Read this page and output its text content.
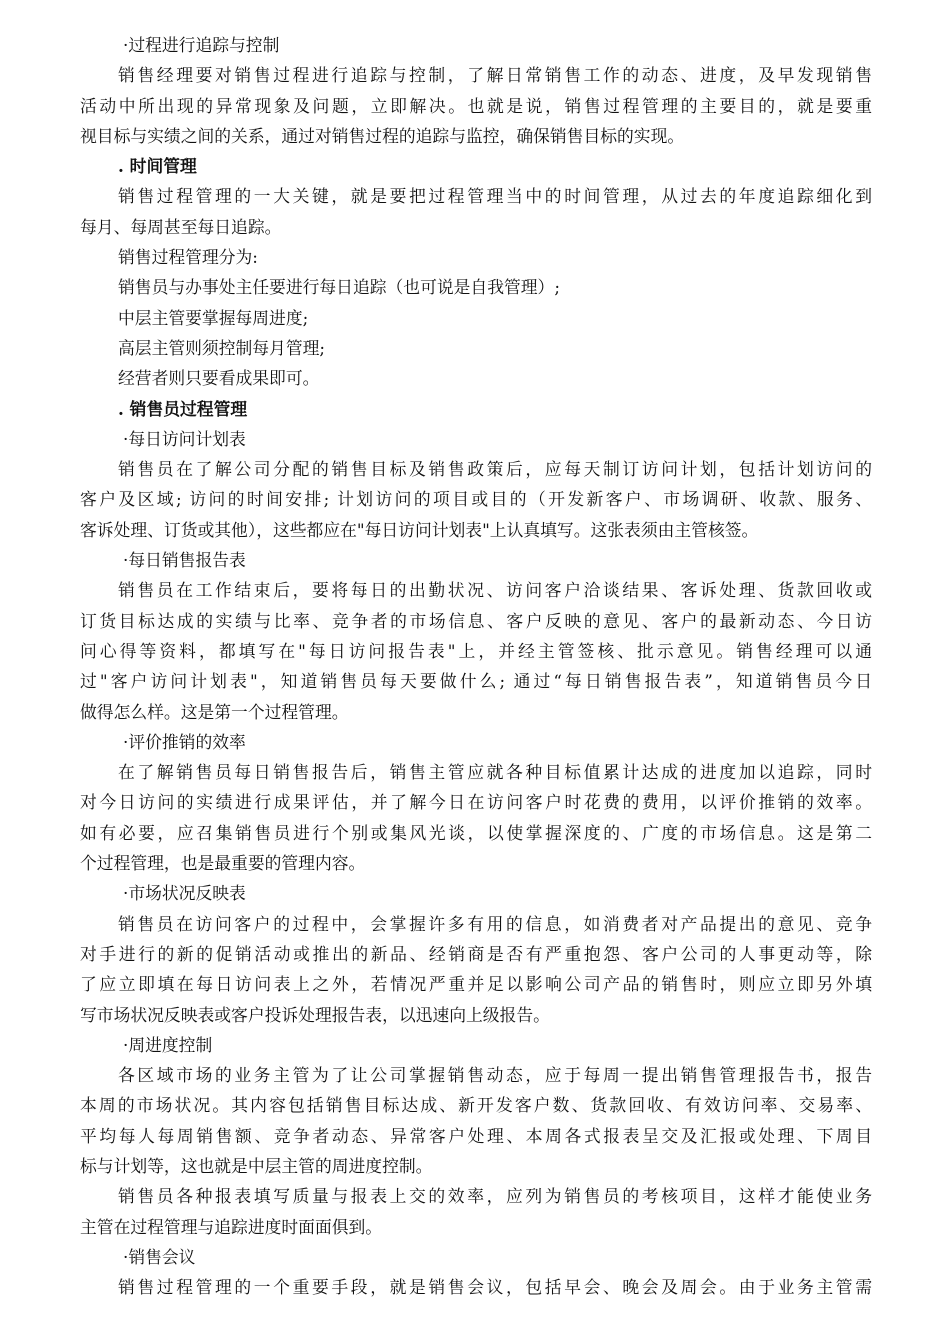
·过程进行追踪与控制
销售经理要对销售过程进行追踪与控制，了解日常销售工作的动态、进度，及早发现销售
活动中所出现的异常现象及问题，立即解决。也就是说，销售过程管理的主要目的，就是要重
视目标与实绩之间的关系，通过对销售过程的追踪与监控，确保销售目标的实现。
. 时间管理
销售过程管理的一大关键，就是要把过程管理当中的时间管理，从过去的年度追踪细化到
每月、每周甚至每日追踪。
销售过程管理分为:
销售员与办事处主任要进行每日追踪（也可说是自我管理）;
中层主管要掌握每周进度;
高层主管则须控制每月管理;
经营者则只要看成果即可。
. 销售员过程管理
·每日访问计划表
销售员在了解公司分配的销售目标及销售政策后，应每天制订访问计划，包括计划访问的
客户及区域; 访问的时间安排; 计划访问的项目或目的（开发新客户、市场调研、收款、服务、
客诉处理、订货或其他），这些都应在"每日访问计划表"上认真填写。这张表须由主管核签。
·每日销售报告表
销售员在工作结束后，要将每日的出勤状况、访问客户洽谈结果、客诉处理、货款回收或
订货目标达成的实绩与比率、竞争者的市场信息、客户反映的意见、客户的最新动态、今日访
问心得等资料，都填写在"每日访问报告表"上，并经主管签核、批示意见。销售经理可以通
过"客户访问计划表"，知道销售员每天要做什么; 通过“每日销售报告表”，知道销售员今日
做得怎么样。这是第一个过程管理。
·评价推销的效率
在了解销售员每日销售报告后，销售主管应就各种目标值累计达成的进度加以追踪，同时
对今日访问的实绩进行成果评估，并了解今日在访问客户时花费的费用，以评价推销的效率。
如有必要，应召集销售员进行个别或集风光谈，以使掌握深度的、广度的市场信息。这是第二
个过程管理，也是最重要的管理内容。
·市场状况反映表
销售员在访问客户的过程中，会掌握许多有用的信息，如消费者对产品提出的意见、竞争
对手进行的新的促销活动或推出的新品、经销商是否有严重抱怨、客户公司的人事更动等，除
了应立即填在每日访问表上之外，若情况严重并足以影响公司产品的销售时，则应立即另外填
写市场状况反映表或客户投诉处理报告表，以迅速向上级报告。
·周进度控制
各区域市场的业务主管为了让公司掌握销售动态，应于每周一提出销售管理报告书，报告
本周的市场状况。其内容包括销售目标达成、新开发客户数、货款回收、有效访问率、交易率、
平均每人每周销售额、竞争者动态、异常客户处理、本周各式报表呈交及汇报或处理、下周目
标与计划等，这也就是中层主管的周进度控制。
销售员各种报表填写质量与报表上交的效率，应列为销售员的考核项目，这样才能使业务
主管在过程管理与追踪进度时面面俱到。
·销售会议
销售过程管理的一个重要手段，就是销售会议，包括早会、晚会及周会。由于业务主管需
